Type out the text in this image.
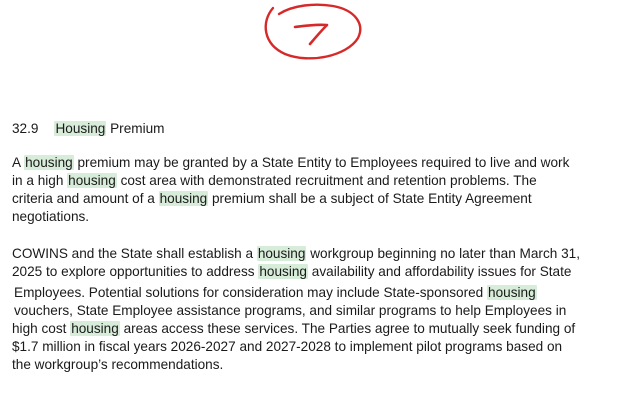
32.9 Housing Premium
A housing premium may be granted by a State Entity to Employees required to live and work
in a high housing cost area with demonstrated recruitment and retention problems. The
criteria and amount of a housing premium shall be a subject of State Entity Agreement
negotiations.
COWINS and the State shall establish a housing workgroup beginning no later than March 31,
2025 to explore opportunities to address housing availability and affordability issues for State
Employees. Potential solutions for consideration may include State-sponsored housing
vouchers, State Employee assistance programs, and similar programs to help Employees in
high cost housing areas access these services. The Parties agree to mutually seek funding of
$1.7 million in fiscal years 2026-2027 and 2027-2028 to implement pilot programs based on
the workgroup’s recommendations.
